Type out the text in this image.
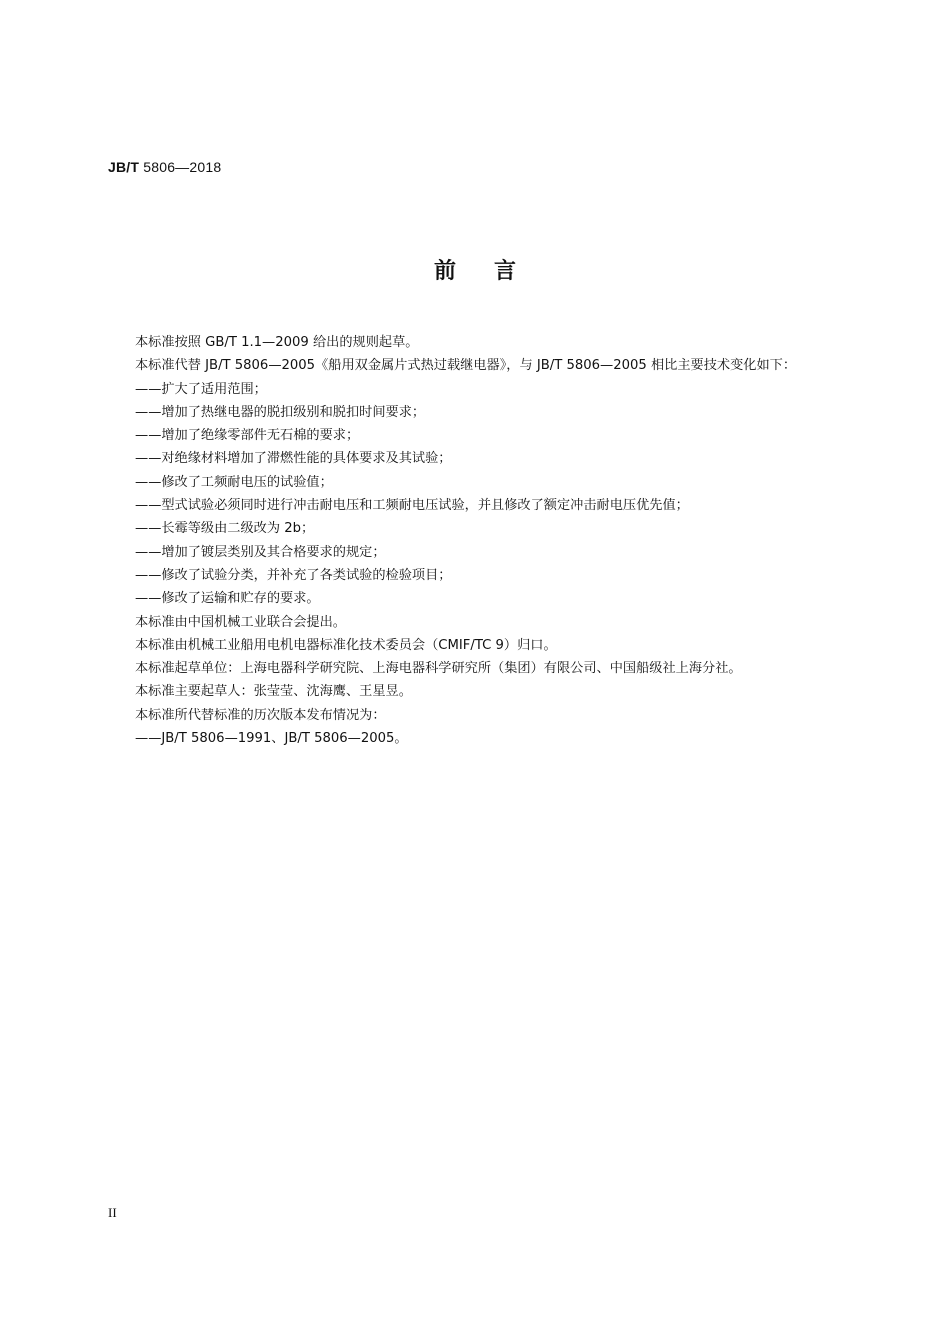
JB/T 5806—2018
前言

本标准按照 GB/T 1.1—2009 给出的规则起草。

本标准代替 JB/T 5806—2005《船用双金属片式热过载继电器》，与 JB/T 5806—2005 相比主要技术变化如下：

——扩大了适用范围；

——增加了热继电器的脱扣级别和脱扣时间要求；

——增加了绝缘零部件无石棉的要求；

——对绝缘材料增加了滞燃性能的具体要求及其试验；

——修改了工频耐电压的试验值；

——型式试验必须同时进行冲击耐电压和工频耐电压试验，并且修改了额定冲击耐电压优先值；

——长霉等级由二级改为 2b；

——增加了镀层类别及其合格要求的规定；

——修改了试验分类，并补充了各类试验的检验项目；

——修改了运输和贮存的要求。

本标准由中国机械工业联合会提出。

本标准由机械工业船用电机电器标准化技术委员会（CMIF/TC 9）归口。

本标准起草单位：上海电器科学研究院、上海电器科学研究所（集团）有限公司、中国船级社上海分社。

本标准主要起草人：张莹莹、沈海鹰、王星昱。

本标准所代替标准的历次版本发布情况为：

——JB/T 5806—1991、JB/T 5806—2005。

II
